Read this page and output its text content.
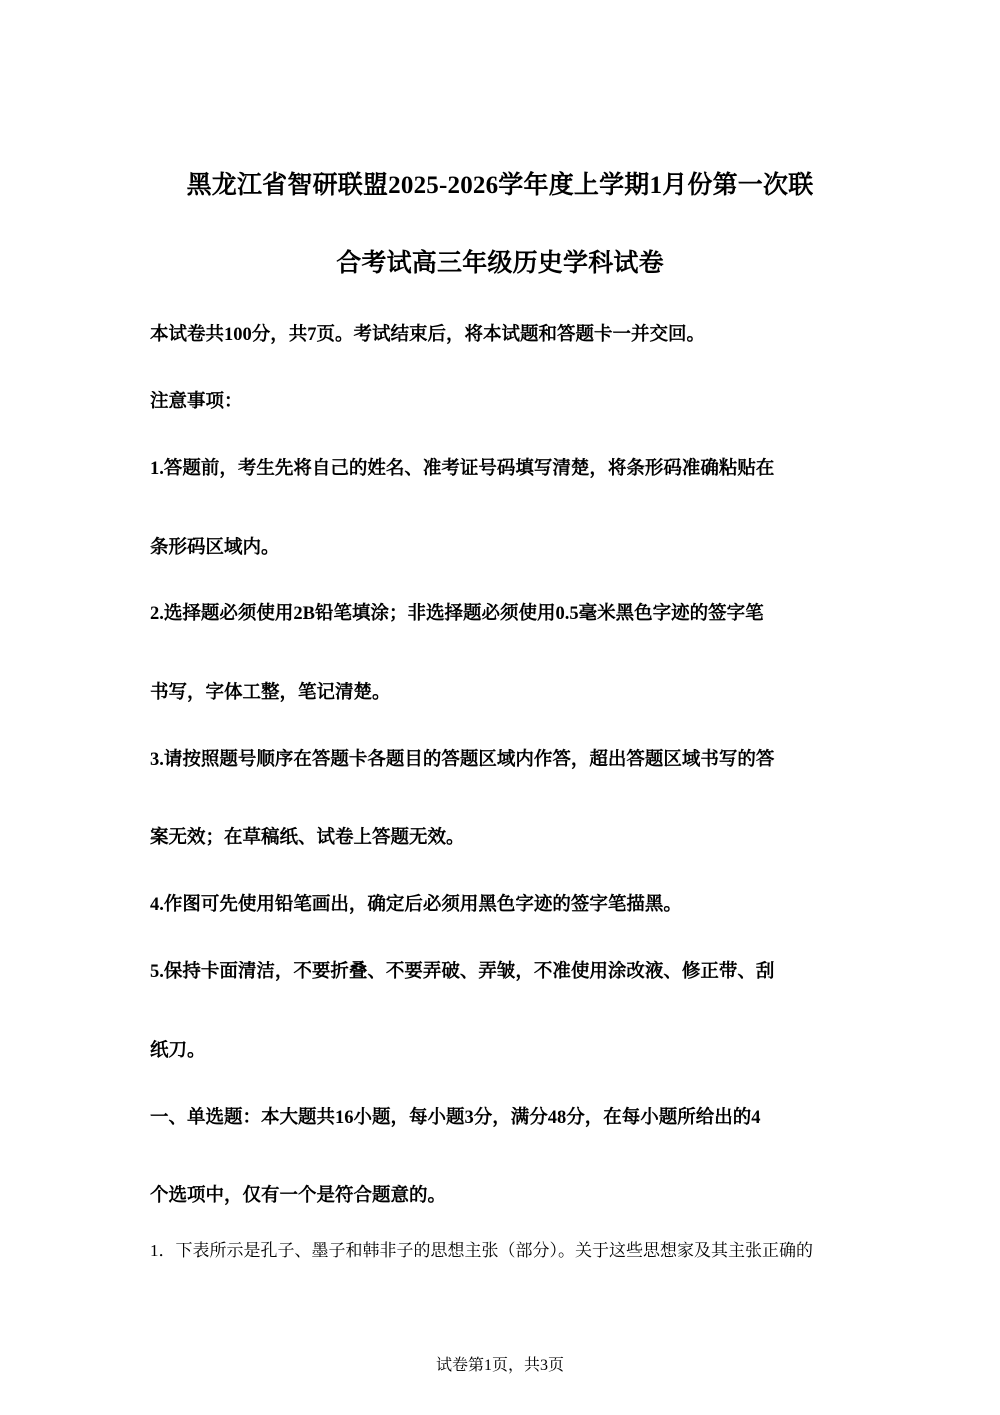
黑龙江省智研联盟2025-2026学年度上学期1月份第一次联
合考试高三年级历史学科试卷
本试卷共100分，共7页。考试结束后，将本试题和答题卡一并交回。
注意事项：
1.答题前，考生先将自己的姓名、准考证号码填写清楚，将条形码准确粘贴在
条形码区域内。
2.选择题必须使用2B铅笔填涂；非选择题必须使用0.5毫米黑色字迹的签字笔
书写，字体工整，笔记清楚。
3.请按照题号顺序在答题卡各题目的答题区域内作答，超出答题区域书写的答
案无效；在草稿纸、试卷上答题无效。
4.作图可先使用铅笔画出，确定后必须用黑色字迹的签字笔描黑。
5.保持卡面清洁，不要折叠、不要弄破、弄皱，不准使用涂改液、修正带、刮
纸刀。
一、单选题：本大题共16小题，每小题3分，满分48分，在每小题所给出的4
个选项中，仅有一个是符合题意的。
1．下表所示是孔子、墨子和韩非子的思想主张（部分）。关于这些思想家及其主张正确的
试卷第1页，共3页
